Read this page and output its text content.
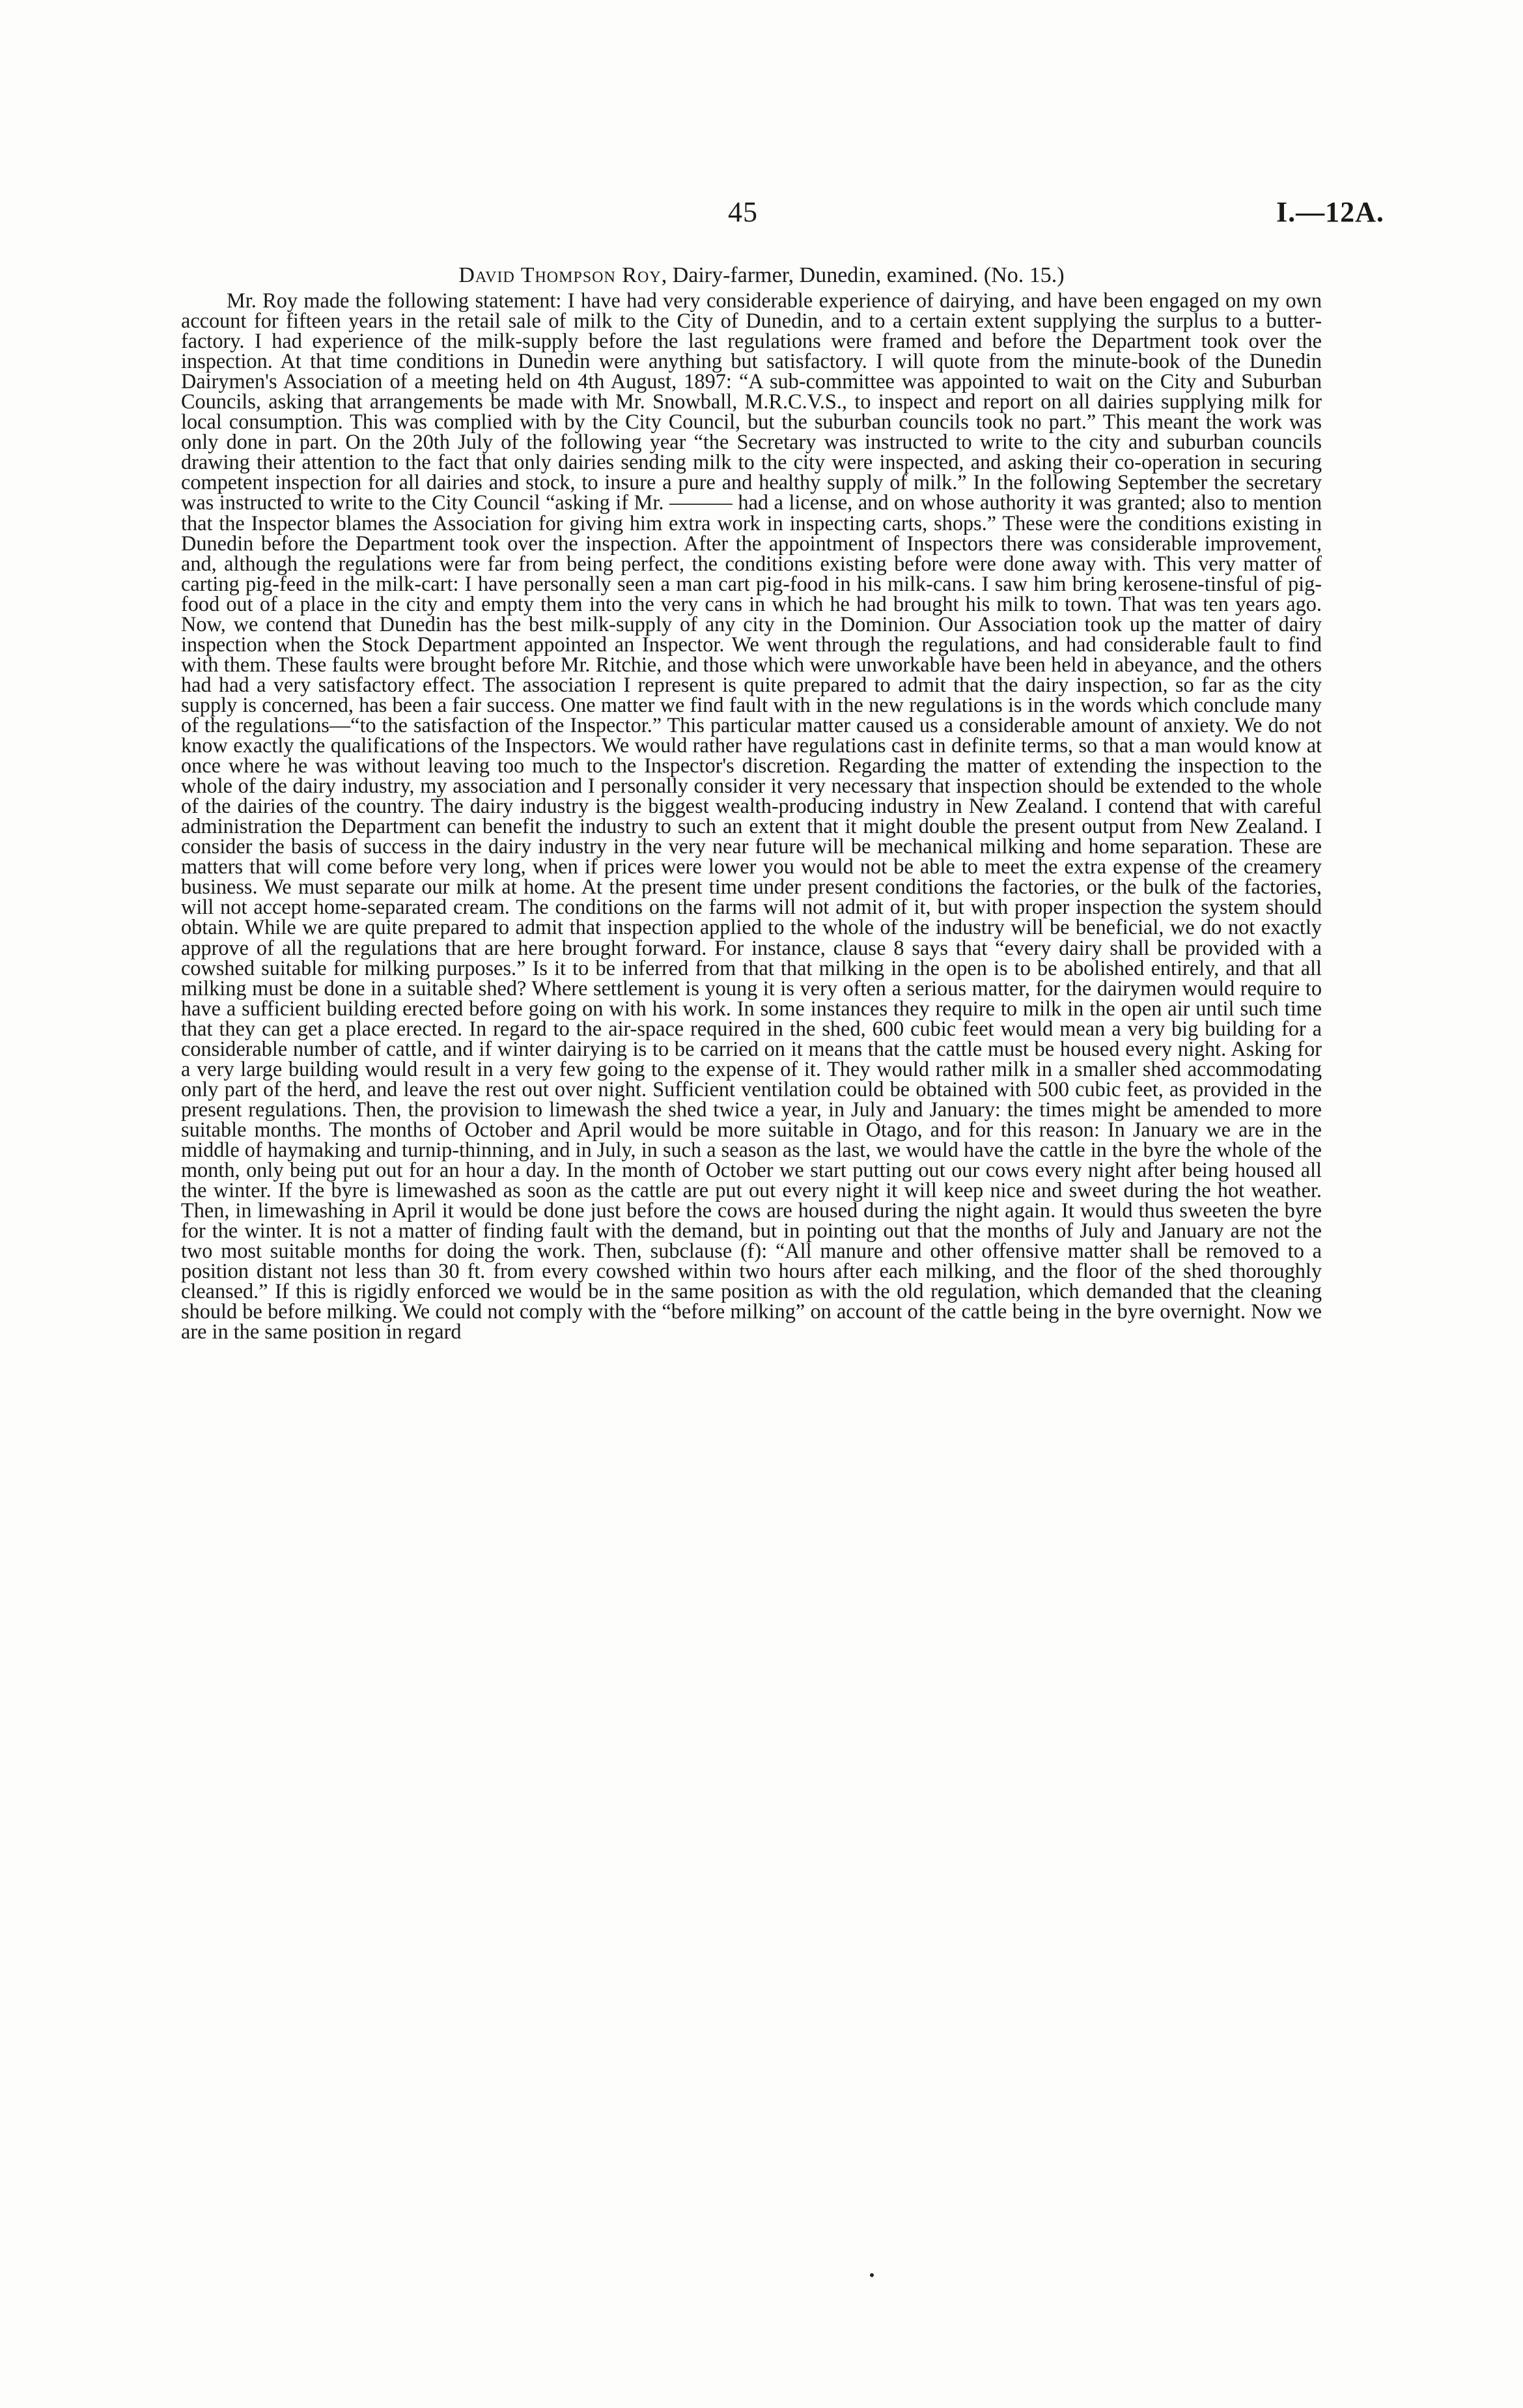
45	I.—12A.
David Thompson Roy, Dairy-farmer, Dunedin, examined. (No. 15.)

Mr. Roy made the following statement: I have had very considerable experience of dairying, and have been engaged on my own account for fifteen years in the retail sale of milk to the City of Dunedin, and to a certain extent supplying the surplus to a butter-factory. I had experience of the milk-supply before the last regulations were framed and before the Department took over the inspection. At that time conditions in Dunedin were anything but satisfactory. I will quote from the minute-book of the Dunedin Dairymen's Association of a meeting held on 4th August, 1897: “A sub-committee was appointed to wait on the City and Suburban Councils, asking that arrangements be made with Mr. Snowball, M.R.C.V.S., to inspect and report on all dairies supplying milk for local consumption. This was complied with by the City Council, but the suburban councils took no part.” This meant the work was only done in part. On the 20th July of the following year “the Secretary was instructed to write to the city and suburban councils drawing their attention to the fact that only dairies sending milk to the city were inspected, and asking their co-operation in securing competent inspection for all dairies and stock, to insure a pure and healthy supply of milk.” In the following September the secretary was instructed to write to the City Council “asking if Mr. ——— had a license, and on whose authority it was granted; also to mention that the Inspector blames the Association for giving him extra work in inspecting carts, shops.” These were the conditions existing in Dunedin before the Department took over the inspection. After the appointment of Inspectors there was considerable improvement, and, although the regulations were far from being perfect, the conditions existing before were done away with. This very matter of carting pig-feed in the milk-cart: I have personally seen a man cart pig-food in his milk-cans. I saw him bring kerosene-tinsful of pig-food out of a place in the city and empty them into the very cans in which he had brought his milk to town. That was ten years ago. Now, we contend that Dunedin has the best milk-supply of any city in the Dominion. Our Association took up the matter of dairy inspection when the Stock Department appointed an Inspector. We went through the regulations, and had considerable fault to find with them. These faults were brought before Mr. Ritchie, and those which were unworkable have been held in abeyance, and the others had had a very satisfactory effect. The association I represent is quite prepared to admit that the dairy inspection, so far as the city supply is concerned, has been a fair success. One matter we find fault with in the new regulations is in the words which conclude many of the regulations—“to the satisfaction of the Inspector.” This particular matter caused us a considerable amount of anxiety. We do not know exactly the qualifications of the Inspectors. We would rather have regulations cast in definite terms, so that a man would know at once where he was without leaving too much to the Inspector's discretion. Regarding the matter of extending the inspection to the whole of the dairy industry, my association and I personally consider it very necessary that inspection should be extended to the whole of the dairies of the country. The dairy industry is the biggest wealth-producing industry in New Zealand. I contend that with careful administration the Department can benefit the industry to such an extent that it might double the present output from New Zealand. I consider the basis of success in the dairy industry in the very near future will be mechanical milking and home separation. These are matters that will come before very long, when if prices were lower you would not be able to meet the extra expense of the creamery business. We must separate our milk at home. At the present time under present conditions the factories, or the bulk of the factories, will not accept home-separated cream. The conditions on the farms will not admit of it, but with proper inspection the system should obtain. While we are quite prepared to admit that inspection applied to the whole of the industry will be beneficial, we do not exactly approve of all the regulations that are here brought forward. For instance, clause 8 says that “every dairy shall be provided with a cowshed suitable for milking purposes.” Is it to be inferred from that that milking in the open is to be abolished entirely, and that all milking must be done in a suitable shed? Where settlement is young it is very often a serious matter, for the dairymen would require to have a sufficient building erected before going on with his work. In some instances they require to milk in the open air until such time that they can get a place erected. In regard to the air-space required in the shed, 600 cubic feet would mean a very big building for a considerable number of cattle, and if winter dairying is to be carried on it means that the cattle must be housed every night. Asking for a very large building would result in a very few going to the expense of it. They would rather milk in a smaller shed accommodating only part of the herd, and leave the rest out over night. Sufficient ventilation could be obtained with 500 cubic feet, as provided in the present regulations. Then, the provision to limewash the shed twice a year, in July and January: the times might be amended to more suitable months. The months of October and April would be more suitable in Otago, and for this reason: In January we are in the middle of haymaking and turnip-thinning, and in July, in such a season as the last, we would have the cattle in the byre the whole of the month, only being put out for an hour a day. In the month of October we start putting out our cows every night after being housed all the winter. If the byre is limewashed as soon as the cattle are put out every night it will keep nice and sweet during the hot weather. Then, in limewashing in April it would be done just before the cows are housed during the night again. It would thus sweeten the byre for the winter. It is not a matter of finding fault with the demand, but in pointing out that the months of July and January are not the two most suitable months for doing the work. Then, subclause (f): “All manure and other offensive matter shall be removed to a position distant not less than 30 ft. from every cowshed within two hours after each milking, and the floor of the shed thoroughly cleansed.” If this is rigidly enforced we would be in the same position as with the old regulation, which demanded that the cleaning should be before milking. We could not comply with the “before milking” on account of the cattle being in the byre overnight. Now we are in the same position in regard
